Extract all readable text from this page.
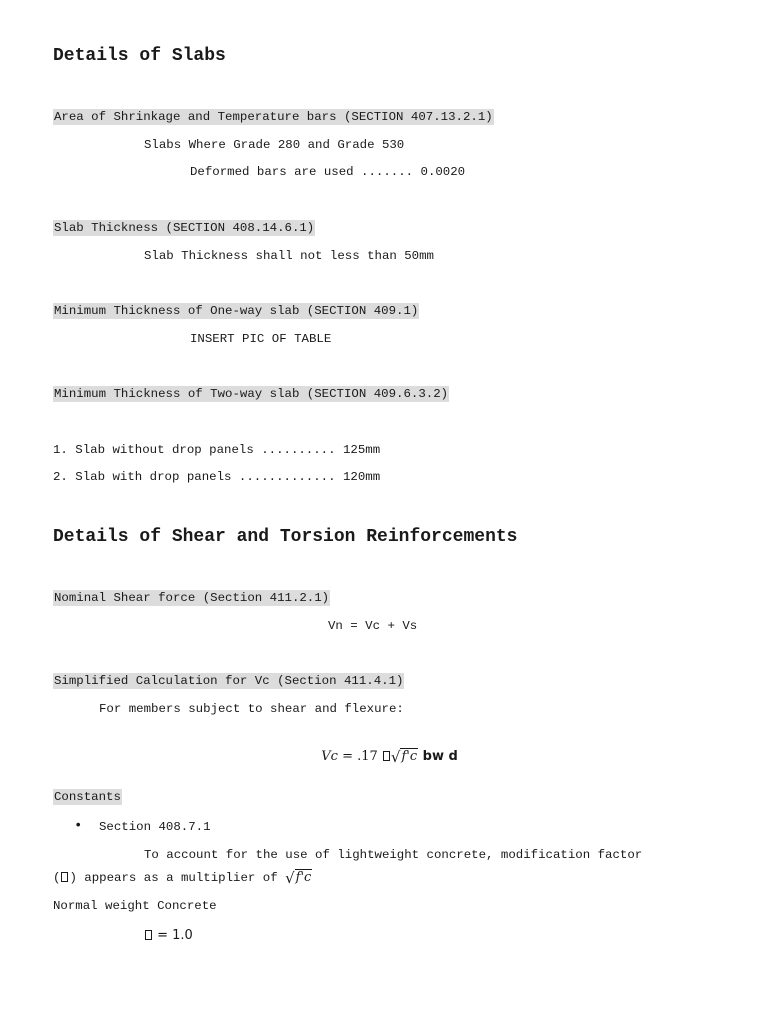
Details of Slabs
Area of Shrinkage and Temperature bars (SECTION 407.13.2.1)
Slabs Where Grade 280 and Grade 530
Deformed bars are used ....... 0.0020
Slab Thickness (SECTION 408.14.6.1)
Slab Thickness shall not less than 50mm
Minimum Thickness of One-way slab (SECTION 409.1)
INSERT PIC OF TABLE
Minimum Thickness of Two-way slab (SECTION 409.6.3.2)
1. Slab without drop panels .......... 125mm
2. Slab with drop panels ............. 120mm
Details of Shear and Torsion Reinforcements
Nominal Shear force (Section 411.2.1)
Vn = Vc + Vs
Simplified Calculation for Vc (Section 411.4.1)
For members subject to shear and flexure:

Vc = .17 √f'c bw d

Constants
• Section 408.7.1
To account for the use of lightweight concrete, modification factor
( ) appears as a multiplier of √f'c
Normal weight Concrete
= 1.0
